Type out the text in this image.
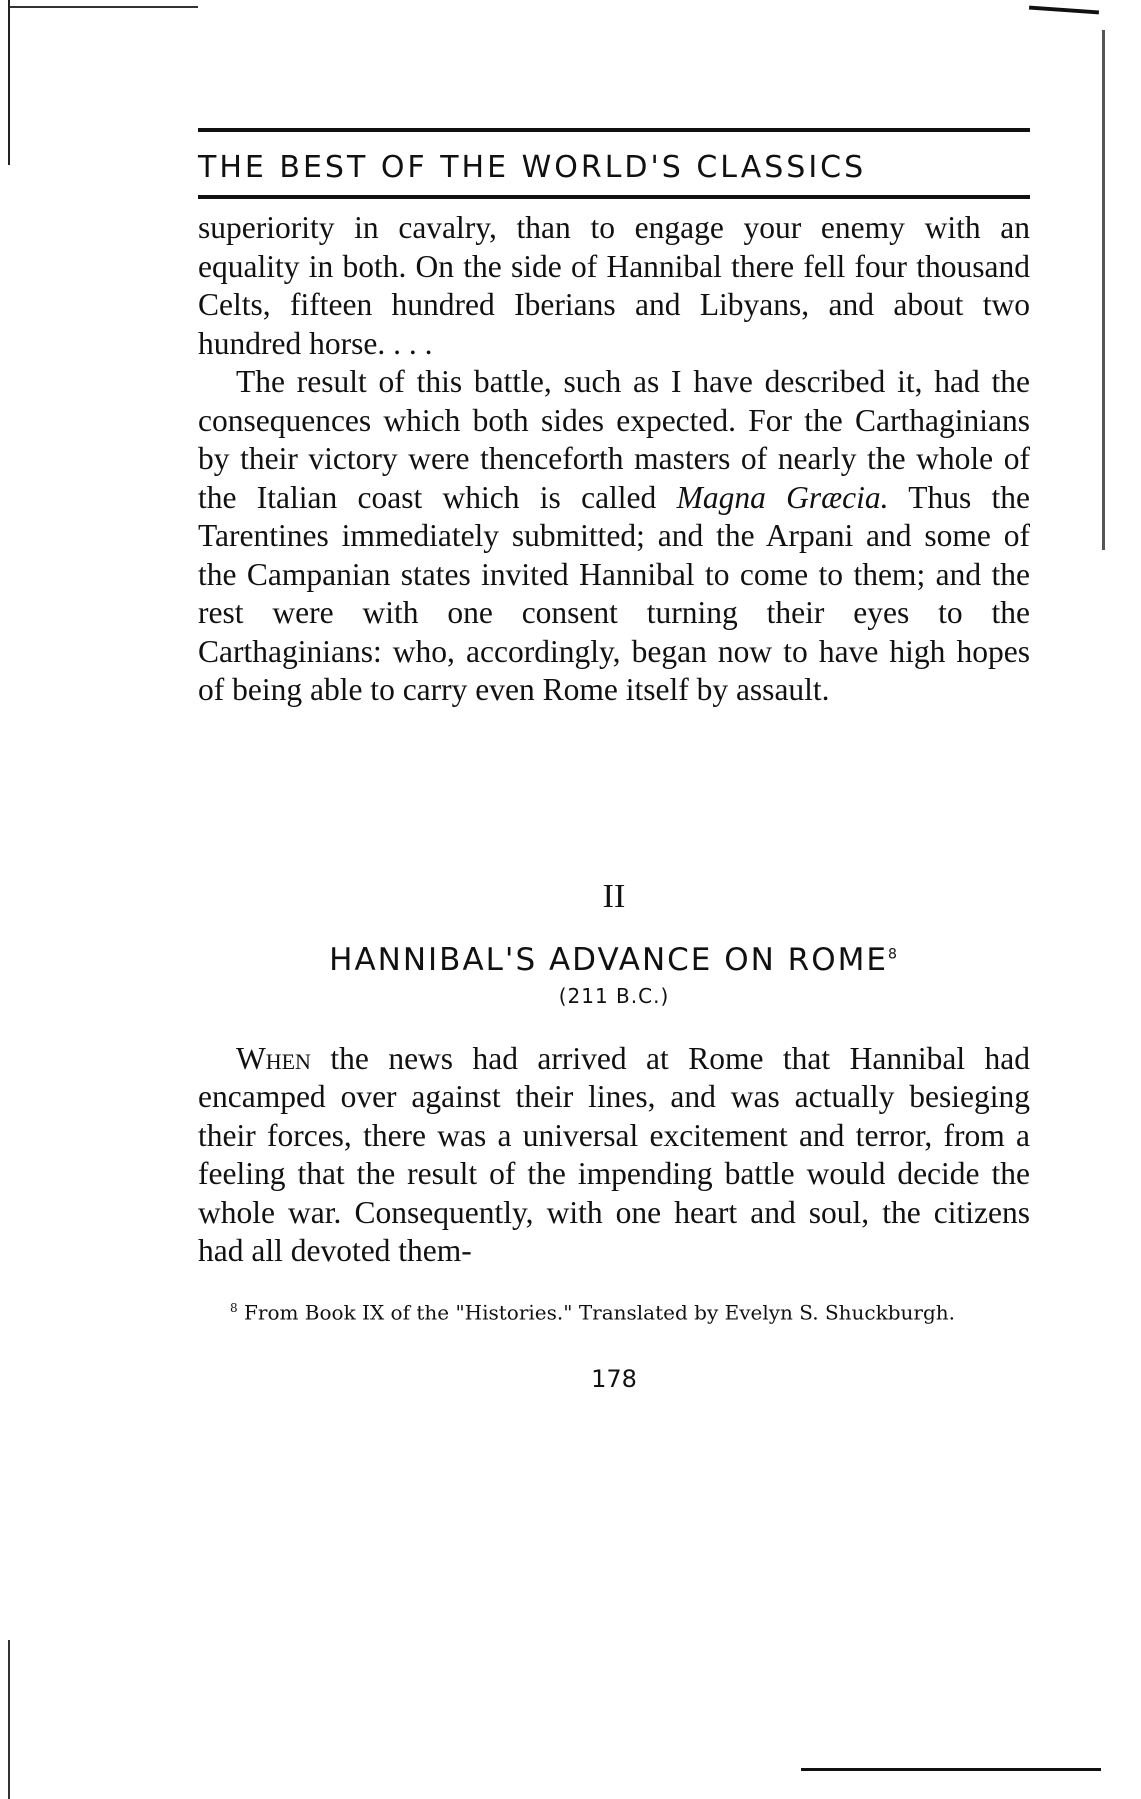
THE BEST OF THE WORLD'S CLASSICS

superiority in cavalry, than to engage your enemy with an equality in both. On the side of Hannibal there fell four thousand Celts, fifteen hundred Iberians and Libyans, and about two hundred horse. . . .

The result of this battle, such as I have described it, had the consequences which both sides expected. For the Carthaginians by their victory were thenceforth masters of nearly the whole of the Italian coast which is called Magna Græcia. Thus the Tarentines immediately submitted; and the Arpani and some of the Campanian states invited Hannibal to come to them; and the rest were with one consent turning their eyes to the Carthaginians: who, accordingly, began now to have high hopes of being able to carry even Rome itself by assault.

II
HANNIBAL'S ADVANCE ON ROME$^8$
(211 B.C.)

When the news had arrived at Rome that Hannibal had encamped over against their lines, and was actually besieging their forces, there was a universal excitement and terror, from a feeling that the result of the impending battle would decide the whole war. Consequently, with one heart and soul, the citizens had all devoted them-

$^8$ From Book IX of the "Histories." Translated by Evelyn S. Shuckburgh.
178
